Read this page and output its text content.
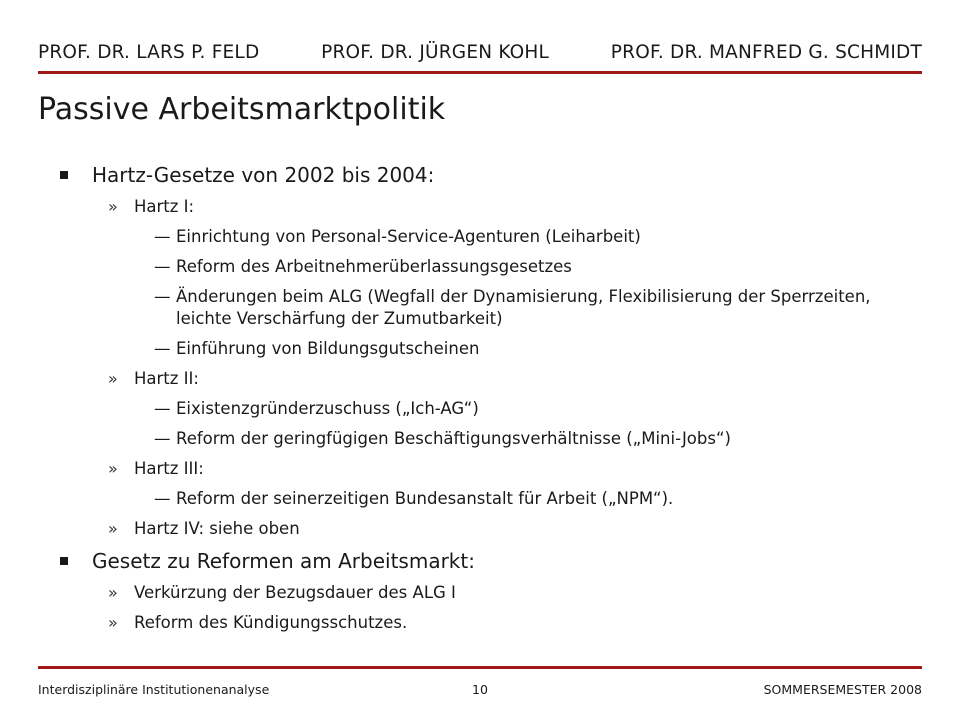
PROF. DR. LARS P. FELD	PROF. DR. JÜRGEN KOHL	PROF. DR. MANFRED G. SCHMIDT
Passive Arbeitsmarktpolitik
Hartz-Gesetze von 2002 bis 2004:
» Hartz I:
— Einrichtung von Personal-Service-Agenturen (Leiharbeit)
— Reform des Arbeitnehmerüberlassungsgesetzes
— Änderungen beim ALG (Wegfall der Dynamisierung, Flexibilisierung der Sperrzeiten, leichte Verschärfung der Zumutbarkeit)
— Einführung von Bildungsgutscheinen
» Hartz II:
— Eixistenzgründerzuschuss („Ich-AG“)
— Reform der geringfügigen Beschäftigungsverhältnisse („Mini-Jobs“)
» Hartz III:
— Reform der seinerzeitigen Bundesanstalt für Arbeit („NPM“).
» Hartz IV: siehe oben
Gesetz zu Reformen am Arbeitsmarkt:
» Verkürzung der Bezugsdauer des ALG I
» Reform des Kündigungsschutzes.
Interdisziplinäre Institutionenanalyse	10	SOMMERSEMESTER 2008
